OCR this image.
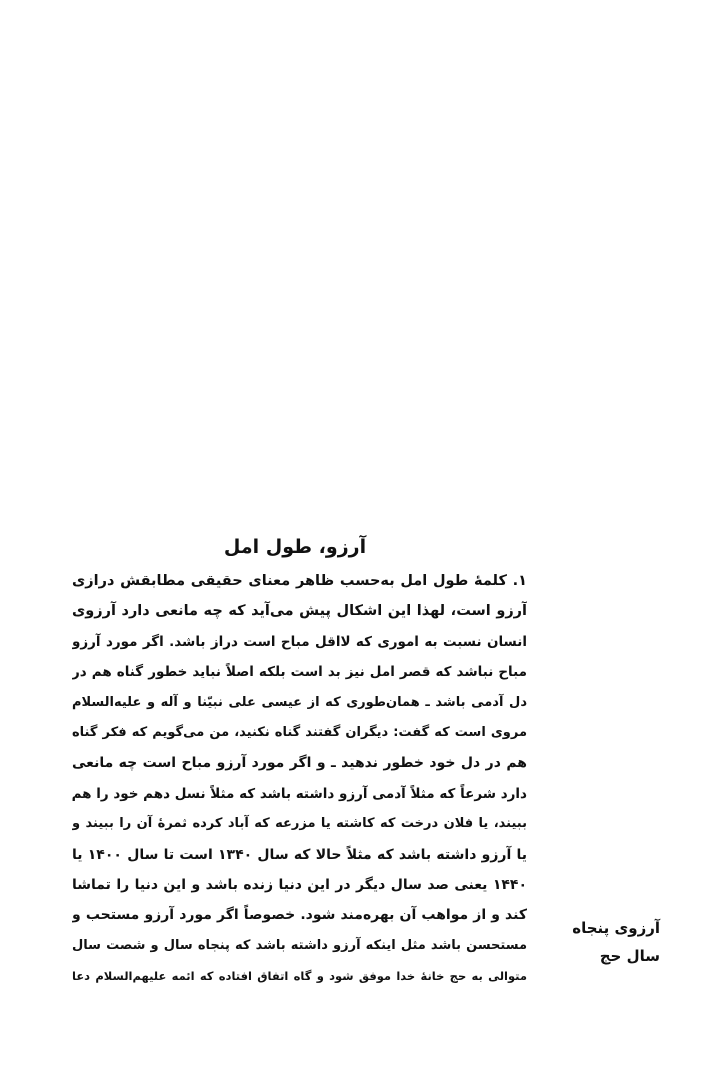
آرزو، طول امل
۱. کلمهٔ طول امل به‌حسب ظاهر معنای حقیقی مطابقش درازی
آرزو است، لهذا این اشکال پیش می‌آید که چه مانعی دارد آرزوی
انسان نسبت به اموری که لااقل مباح است دراز باشد. اگر مورد آرزو
مباح نباشد که قصر امل نیز بد است بلکه اصلاً نباید خطور گناه هم در
دل آدمی باشد ـ همان‌طوری که از عیسی علی نبیّنا و آله و علیه‌السلام
مروی است که گفت: دیگران گفتند گناه نکنید، من می‌گویم که فکر گناه
هم در دل خود خطور ندهید ـ و اگر مورد آرزو مباح است چه مانعی
دارد شرعاً که مثلاً آدمی آرزو داشته باشد که مثلاً نسل دهم خود را هم
ببیند، یا فلان درخت که کاشته یا مزرعه که آباد کرده ثمرهٔ آن را ببیند و
یا آرزو داشته باشد که مثلاً حالا که سال ۱۳۴۰ است تا سال ۱۴۰۰ یا
۱۴۴۰ یعنی صد سال دیگر در این دنیا زنده باشد و این دنیا را تماشا
کند و از مواهب آن بهره‌مند شود. خصوصاً اگر مورد آرزو مستحب و
مستحسن باشد مثل اینکه آرزو داشته باشد که پنجاه سال و شصت سال
متوالی به حج خانهٔ خدا موفق شود و گاه اتفاق افتاده که ائمه علیهم‌السلام دعا
آرزوی پنجاه
سال حج
